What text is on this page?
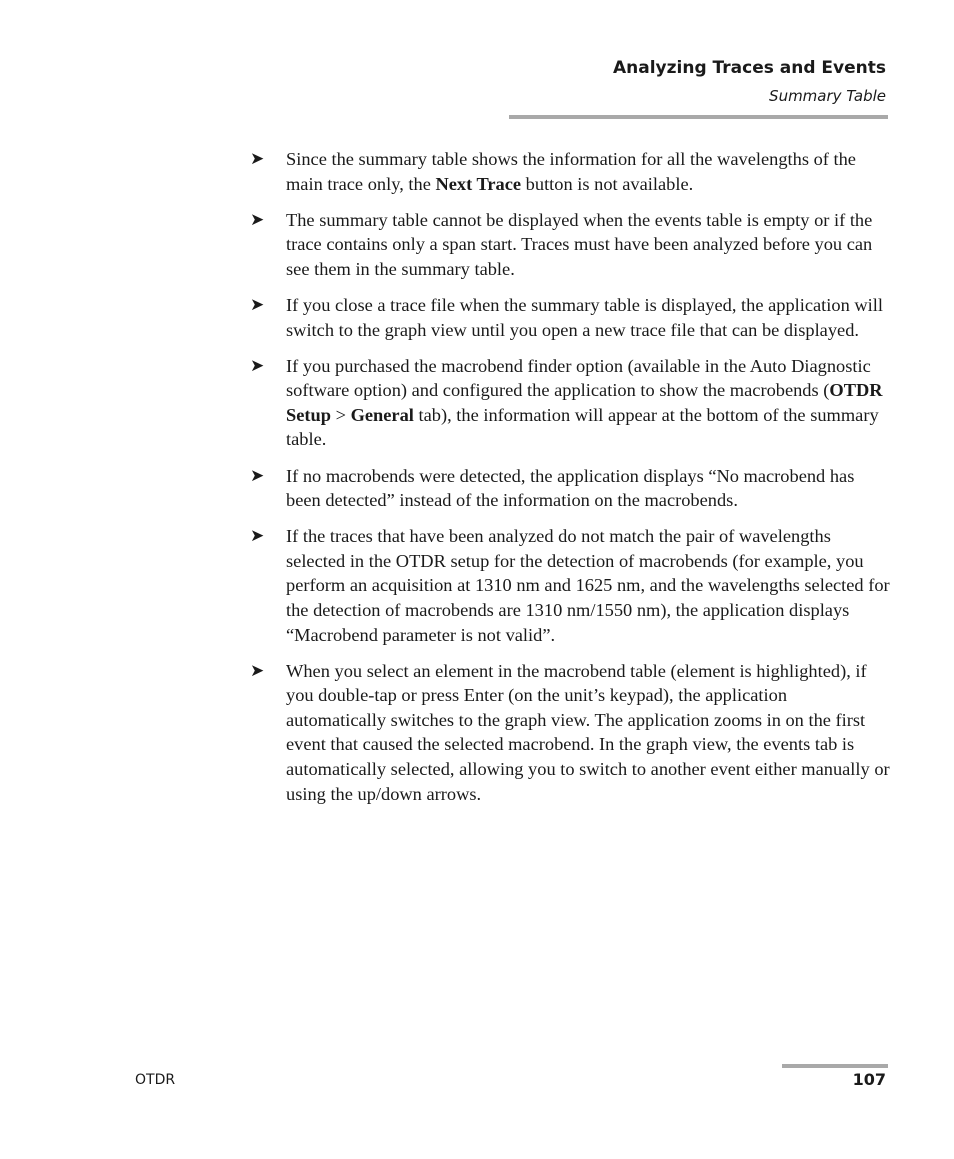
Analyzing Traces and Events
Summary Table
➤ Since the summary table shows the information for all the wavelengths of the main trace only, the Next Trace button is not available.
➤ The summary table cannot be displayed when the events table is empty or if the trace contains only a span start. Traces must have been analyzed before you can see them in the summary table.
➤ If you close a trace file when the summary table is displayed, the application will switch to the graph view until you open a new trace file that can be displayed.
➤ If you purchased the macrobend finder option (available in the Auto Diagnostic software option) and configured the application to show the macrobends (OTDR Setup > General tab), the information will appear at the bottom of the summary table.
➤ If no macrobends were detected, the application displays “No macrobend has been detected” instead of the information on the macrobends.
➤ If the traces that have been analyzed do not match the pair of wavelengths selected in the OTDR setup for the detection of macrobends (for example, you perform an acquisition at 1310 nm and 1625 nm, and the wavelengths selected for the detection of macrobends are 1310 nm/1550 nm), the application displays “Macrobend parameter is not valid”.
➤ When you select an element in the macrobend table (element is highlighted), if you double-tap or press Enter (on the unit’s keypad), the application automatically switches to the graph view. The application zooms in on the first event that caused the selected macrobend. In the graph view, the events tab is automatically selected, allowing you to switch to another event either manually or using the up/down arrows.
OTDR	107
